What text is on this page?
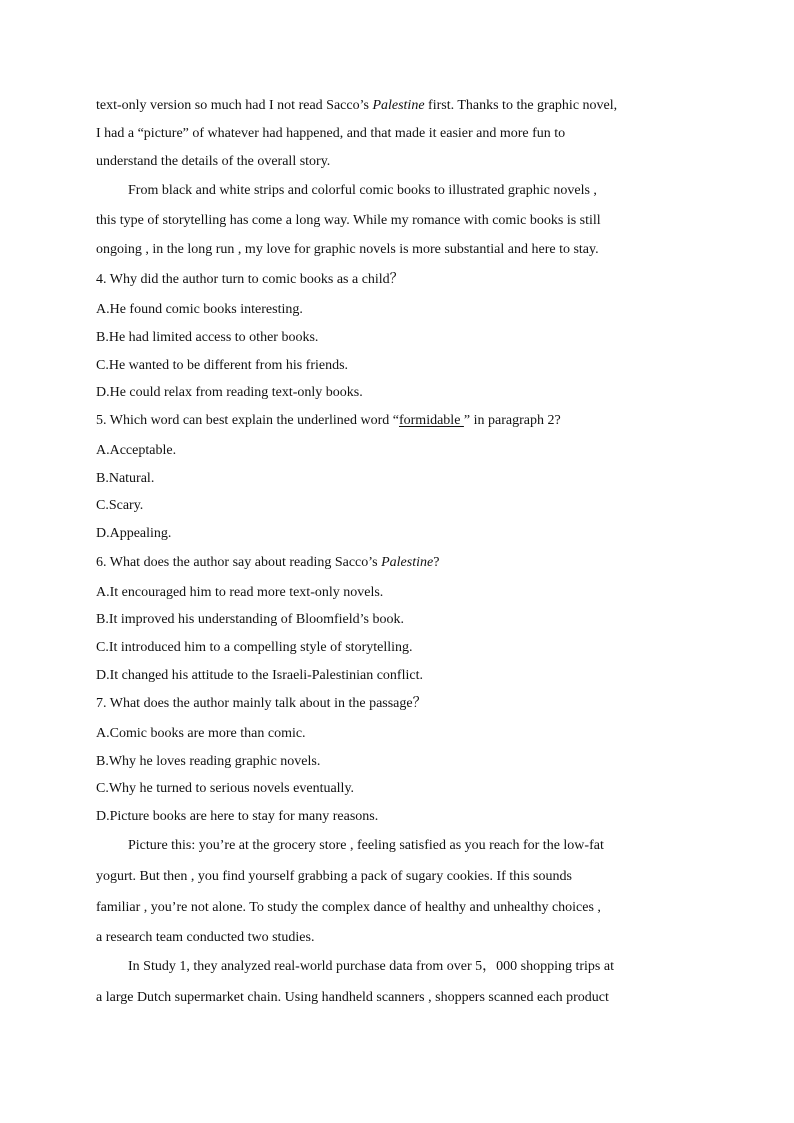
text-only version so much had I not read Sacco’s Palestine first. Thanks to the graphic novel,
I had a “picture” of whatever had happened, and that made it easier and more fun to
understand the details of the overall story.
From black and white strips and colorful comic books to illustrated graphic novels ,
this type of storytelling has come a long way. While my romance with comic books is still
ongoing , in the long run , my love for graphic novels is more substantial and here to stay.
4. Why did the author turn to comic books as a child？
A.He found comic books interesting.
B.He had limited access to other books.
C.He wanted to be different from his friends.
D.He could relax from reading text-only books.
5. Which word can best explain the underlined word “formidable ” in paragraph 2?
A.Acceptable.
B.Natural.
C.Scary.
D.Appealing.
6. What does the author say about reading Sacco’s Palestine?
A.It encouraged him to read more text-only novels.
B.It improved his understanding of Bloomfield’s book.
C.It introduced him to a compelling style of storytelling.
D.It changed his attitude to the Israeli-Palestinian conflict.
7. What does the author mainly talk about in the passage？
A.Comic books are more than comic.
B.Why he loves reading graphic novels.
C.Why he turned to serious novels eventually.
D.Picture books are here to stay for many reasons.
Picture this: you’re at the grocery store , feeling satisfied as you reach for the low-fat
yogurt. But then , you find yourself grabbing a pack of sugary cookies. If this sounds
familiar , you’re not alone. To study the complex dance of healthy and unhealthy choices ,
a research team conducted two studies.
In Study 1, they analyzed real-world purchase data from over 5，000 shopping trips at
a large Dutch supermarket chain. Using handheld scanners , shoppers scanned each product
